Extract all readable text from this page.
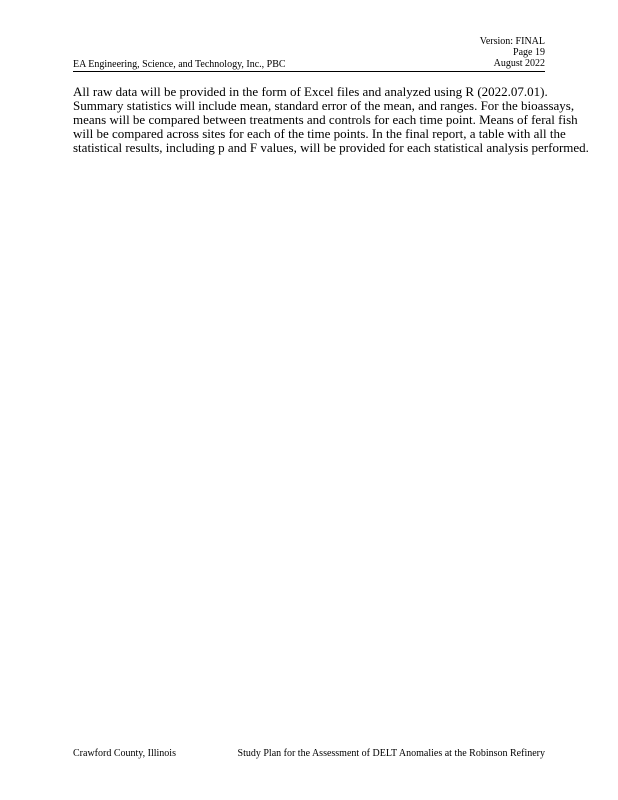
EA Engineering, Science, and Technology, Inc., PBC
Version: FINAL
Page 19
August 2022

All raw data will be provided in the form of Excel files and analyzed using R (2022.07.01). Summary statistics will include mean, standard error of the mean, and ranges. For the bioassays, means will be compared between treatments and controls for each time point. Means of feral fish will be compared across sites for each of the time points. In the final report, a table with all the statistical results, including p and F values, will be provided for each statistical analysis performed.

Crawford County, Illinois	Study Plan for the Assessment of DELT Anomalies at the Robinson Refinery
